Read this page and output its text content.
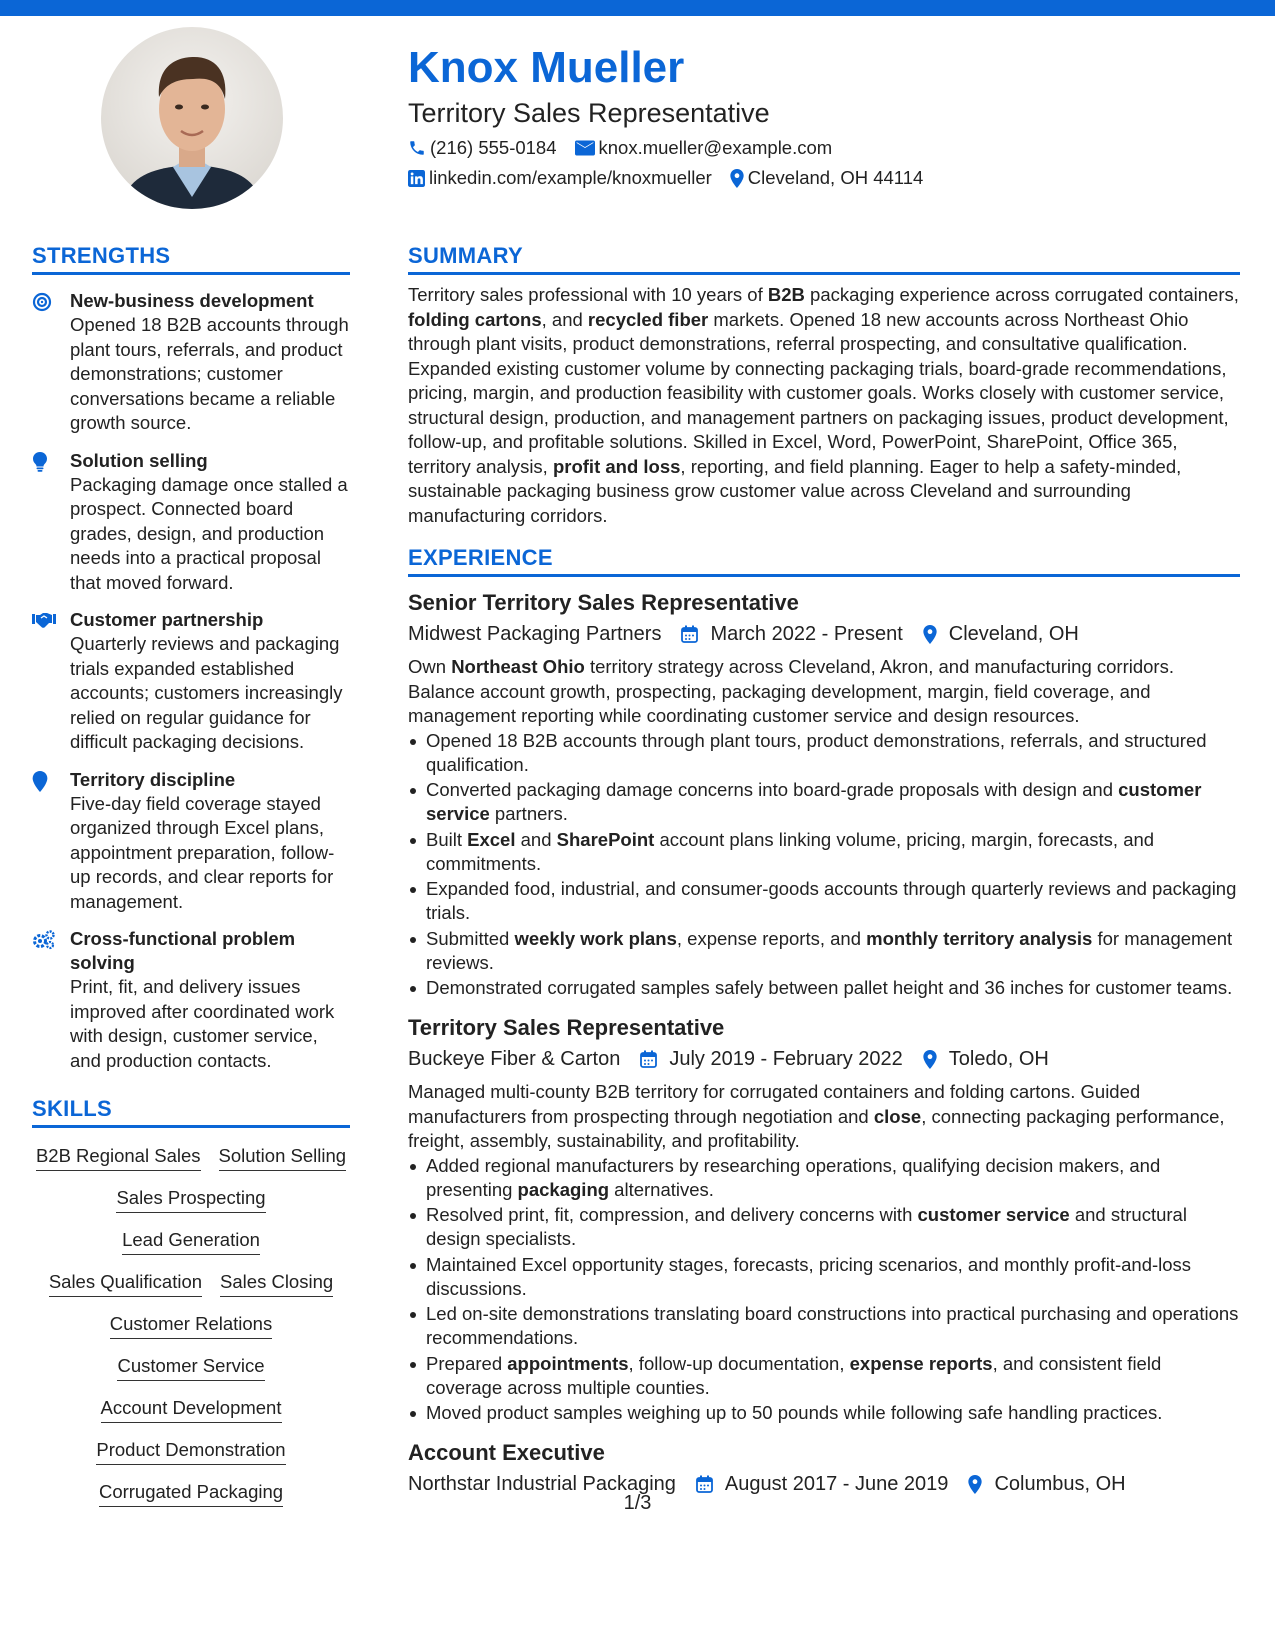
Knox Mueller
Territory Sales Representative
(216) 555-0184 knox.mueller@example.com
linkedin.com/example/knoxmueller Cleveland, OH 44114
STRENGTHS
New-business development
Opened 18 B2B accounts through plant tours, referrals, and product demonstrations; customer conversations became a reliable growth source.
Solution selling
Packaging damage once stalled a prospect. Connected board grades, design, and production needs into a practical proposal that moved forward.
Customer partnership
Quarterly reviews and packaging trials expanded established accounts; customers increasingly relied on regular guidance for difficult packaging decisions.
Territory discipline
Five-day field coverage stayed organized through Excel plans, appointment preparation, follow-up records, and clear reports for management.
Cross-functional problem solving
Print, fit, and delivery issues improved after coordinated work with design, customer service, and production contacts.
SKILLS
B2B Regional Sales Solution Selling
Sales Prospecting
Lead Generation
Sales Qualification Sales Closing
Customer Relations
Customer Service
Account Development
Product Demonstration
Corrugated Packaging
SUMMARY
Territory sales professional with 10 years of B2B packaging experience across corrugated containers, folding cartons, and recycled fiber markets. Opened 18 new accounts across Northeast Ohio through plant visits, product demonstrations, referral prospecting, and consultative qualification. Expanded existing customer volume by connecting packaging trials, board-grade recommendations, pricing, margin, and production feasibility with customer goals. Works closely with customer service, structural design, production, and management partners on packaging issues, product development, follow-up, and profitable solutions. Skilled in Excel, Word, PowerPoint, SharePoint, Office 365, territory analysis, profit and loss, reporting, and field planning. Eager to help a safety-minded, sustainable packaging business grow customer value across Cleveland and surrounding manufacturing corridors.
EXPERIENCE
Senior Territory Sales Representative
Midwest Packaging Partners March 2022 - Present Cleveland, OH
Own Northeast Ohio territory strategy across Cleveland, Akron, and manufacturing corridors. Balance account growth, prospecting, packaging development, margin, field coverage, and management reporting while coordinating customer service and design resources.
Opened 18 B2B accounts through plant tours, product demonstrations, referrals, and structured qualification.
Converted packaging damage concerns into board-grade proposals with design and customer service partners.
Built Excel and SharePoint account plans linking volume, pricing, margin, forecasts, and commitments.
Expanded food, industrial, and consumer-goods accounts through quarterly reviews and packaging trials.
Submitted weekly work plans, expense reports, and monthly territory analysis for management reviews.
Demonstrated corrugated samples safely between pallet height and 36 inches for customer teams.
Territory Sales Representative
Buckeye Fiber & Carton July 2019 - February 2022 Toledo, OH
Managed multi-county B2B territory for corrugated containers and folding cartons. Guided manufacturers from prospecting through negotiation and close, connecting packaging performance, freight, assembly, sustainability, and profitability.
Added regional manufacturers by researching operations, qualifying decision makers, and presenting packaging alternatives.
Resolved print, fit, compression, and delivery concerns with customer service and structural design specialists.
Maintained Excel opportunity stages, forecasts, pricing scenarios, and monthly profit-and-loss discussions.
Led on-site demonstrations translating board constructions into practical purchasing and operations recommendations.
Prepared appointments, follow-up documentation, expense reports, and consistent field coverage across multiple counties.
Moved product samples weighing up to 50 pounds while following safe handling practices.
Account Executive
Northstar Industrial Packaging August 2017 - June 2019 Columbus, OH
1/3
